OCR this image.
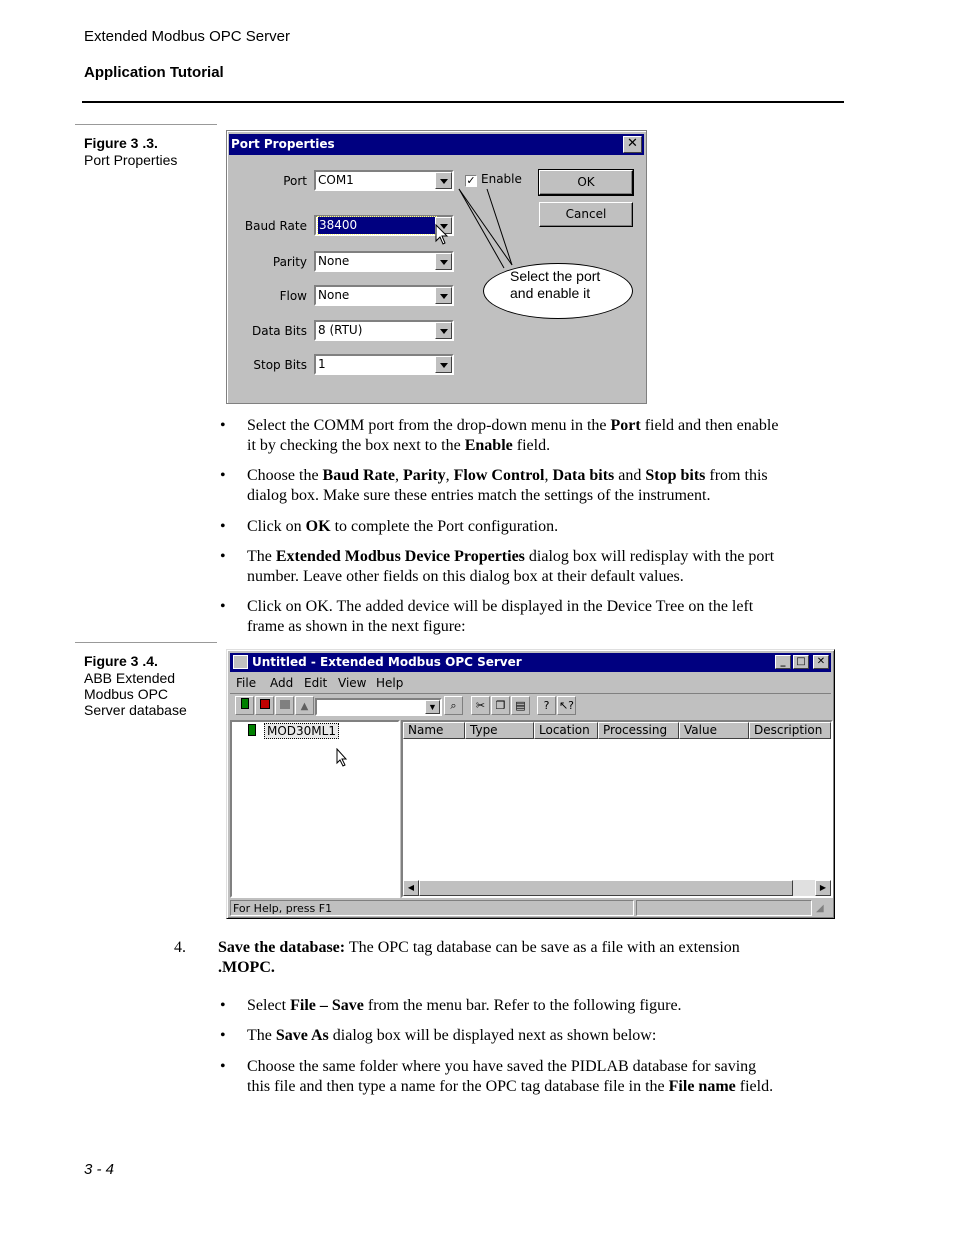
Extended Modbus OPC Server
Application Tutorial
Figure 3 .3.
Port Properties
Port Properties	✕
Port COM1
Baud Rate	38400
Parity None
Flow None
Data Bits 8 (RTU)
Stop Bits 1
✓ Enable	OK
Cancel
Select the port
and enable it
• Select the COMM port from the drop-down menu in the Port field and then enable
it by checking the box next to the Enable field.
• Choose the Baud Rate, Parity, Flow Control, Data bits and Stop bits from this
dialog box. Make sure these entries match the settings of the instrument.
• Click on OK to complete the Port configuration.
• The Extended Modbus Device Properties dialog box will redisplay with the port
number. Leave other fields on this dialog box at their default values.
• Click on OK. The added device will be displayed in the Device Tree on the left
frame as shown in the next figure:
Figure 3 .4.
ABB Extended
Modbus OPC
Server database
Untitled - Extended Modbus OPC Server	_	□	✕
File Add Edit View Help
▲	▼	⌕	✂ ❐ ▤	? ↖?
MOD30ML1	Name	Type	Location	Processing	Value	Description
◀	▶
For Help, press F1	◢
4. Save the database: The OPC tag database can be save as a file with an extension
.MOPC.
• Select File – Save from the menu bar. Refer to the following figure.
• The Save As dialog box will be displayed next as shown below:
• Choose the same folder where you have saved the PIDLAB database for saving
this file and then type a name for the OPC tag database file in the File name field.
3 - 4
